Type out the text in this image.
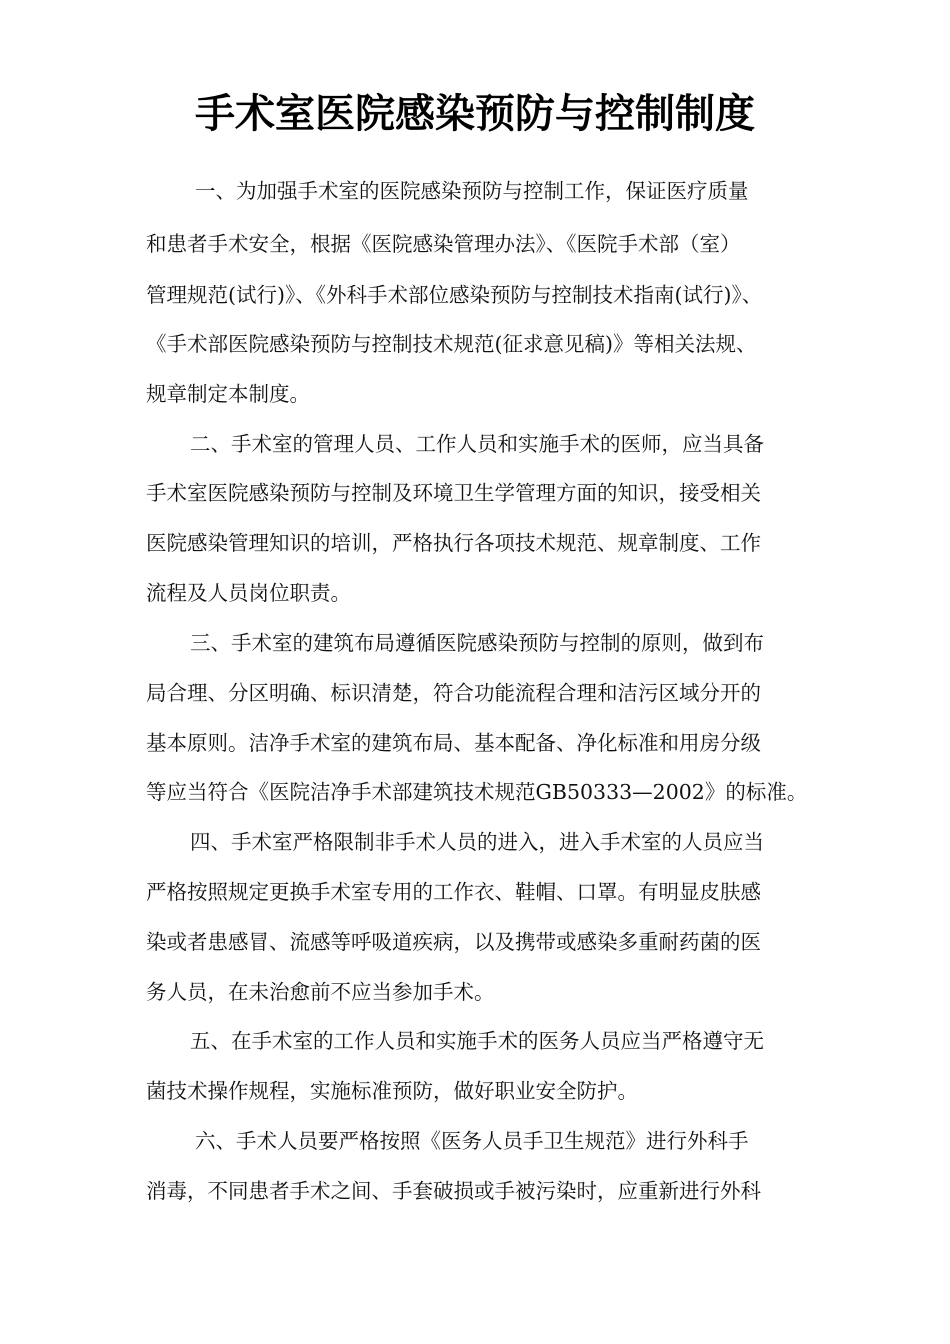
手术室医院感染预防与控制制度
一、为加强手术室的医院感染预防与控制工作，保证医疗质量
和患者手术安全，根据《医院感染管理办法》、《医院手术部（室）
管理规范(试行)》、《外科手术部位感染预防与控制技术指南(试行)》、
《手术部医院感染预防与控制技术规范(征求意见稿)》等相关法规、
规章制定本制度。
二、手术室的管理人员、工作人员和实施手术的医师，应当具备
手术室医院感染预防与控制及环境卫生学管理方面的知识，接受相关
医院感染管理知识的培训，严格执行各项技术规范、规章制度、工作
流程及人员岗位职责。
三、手术室的建筑布局遵循医院感染预防与控制的原则，做到布
局合理、分区明确、标识清楚，符合功能流程合理和洁污区域分开的
基本原则。洁净手术室的建筑布局、基本配备、净化标准和用房分级
等应当符合《医院洁净手术部建筑技术规范GB50333—2002》的标准。
四、手术室严格限制非手术人员的进入，进入手术室的人员应当
严格按照规定更换手术室专用的工作衣、鞋帽、口罩。有明显皮肤感
染或者患感冒、流感等呼吸道疾病，以及携带或感染多重耐药菌的医
务人员，在未治愈前不应当参加手术。
五、在手术室的工作人员和实施手术的医务人员应当严格遵守无
菌技术操作规程，实施标准预防，做好职业安全防护。
六、手术人员要严格按照《医务人员手卫生规范》进行外科手
消毒，不同患者手术之间、手套破损或手被污染时，应重新进行外科
